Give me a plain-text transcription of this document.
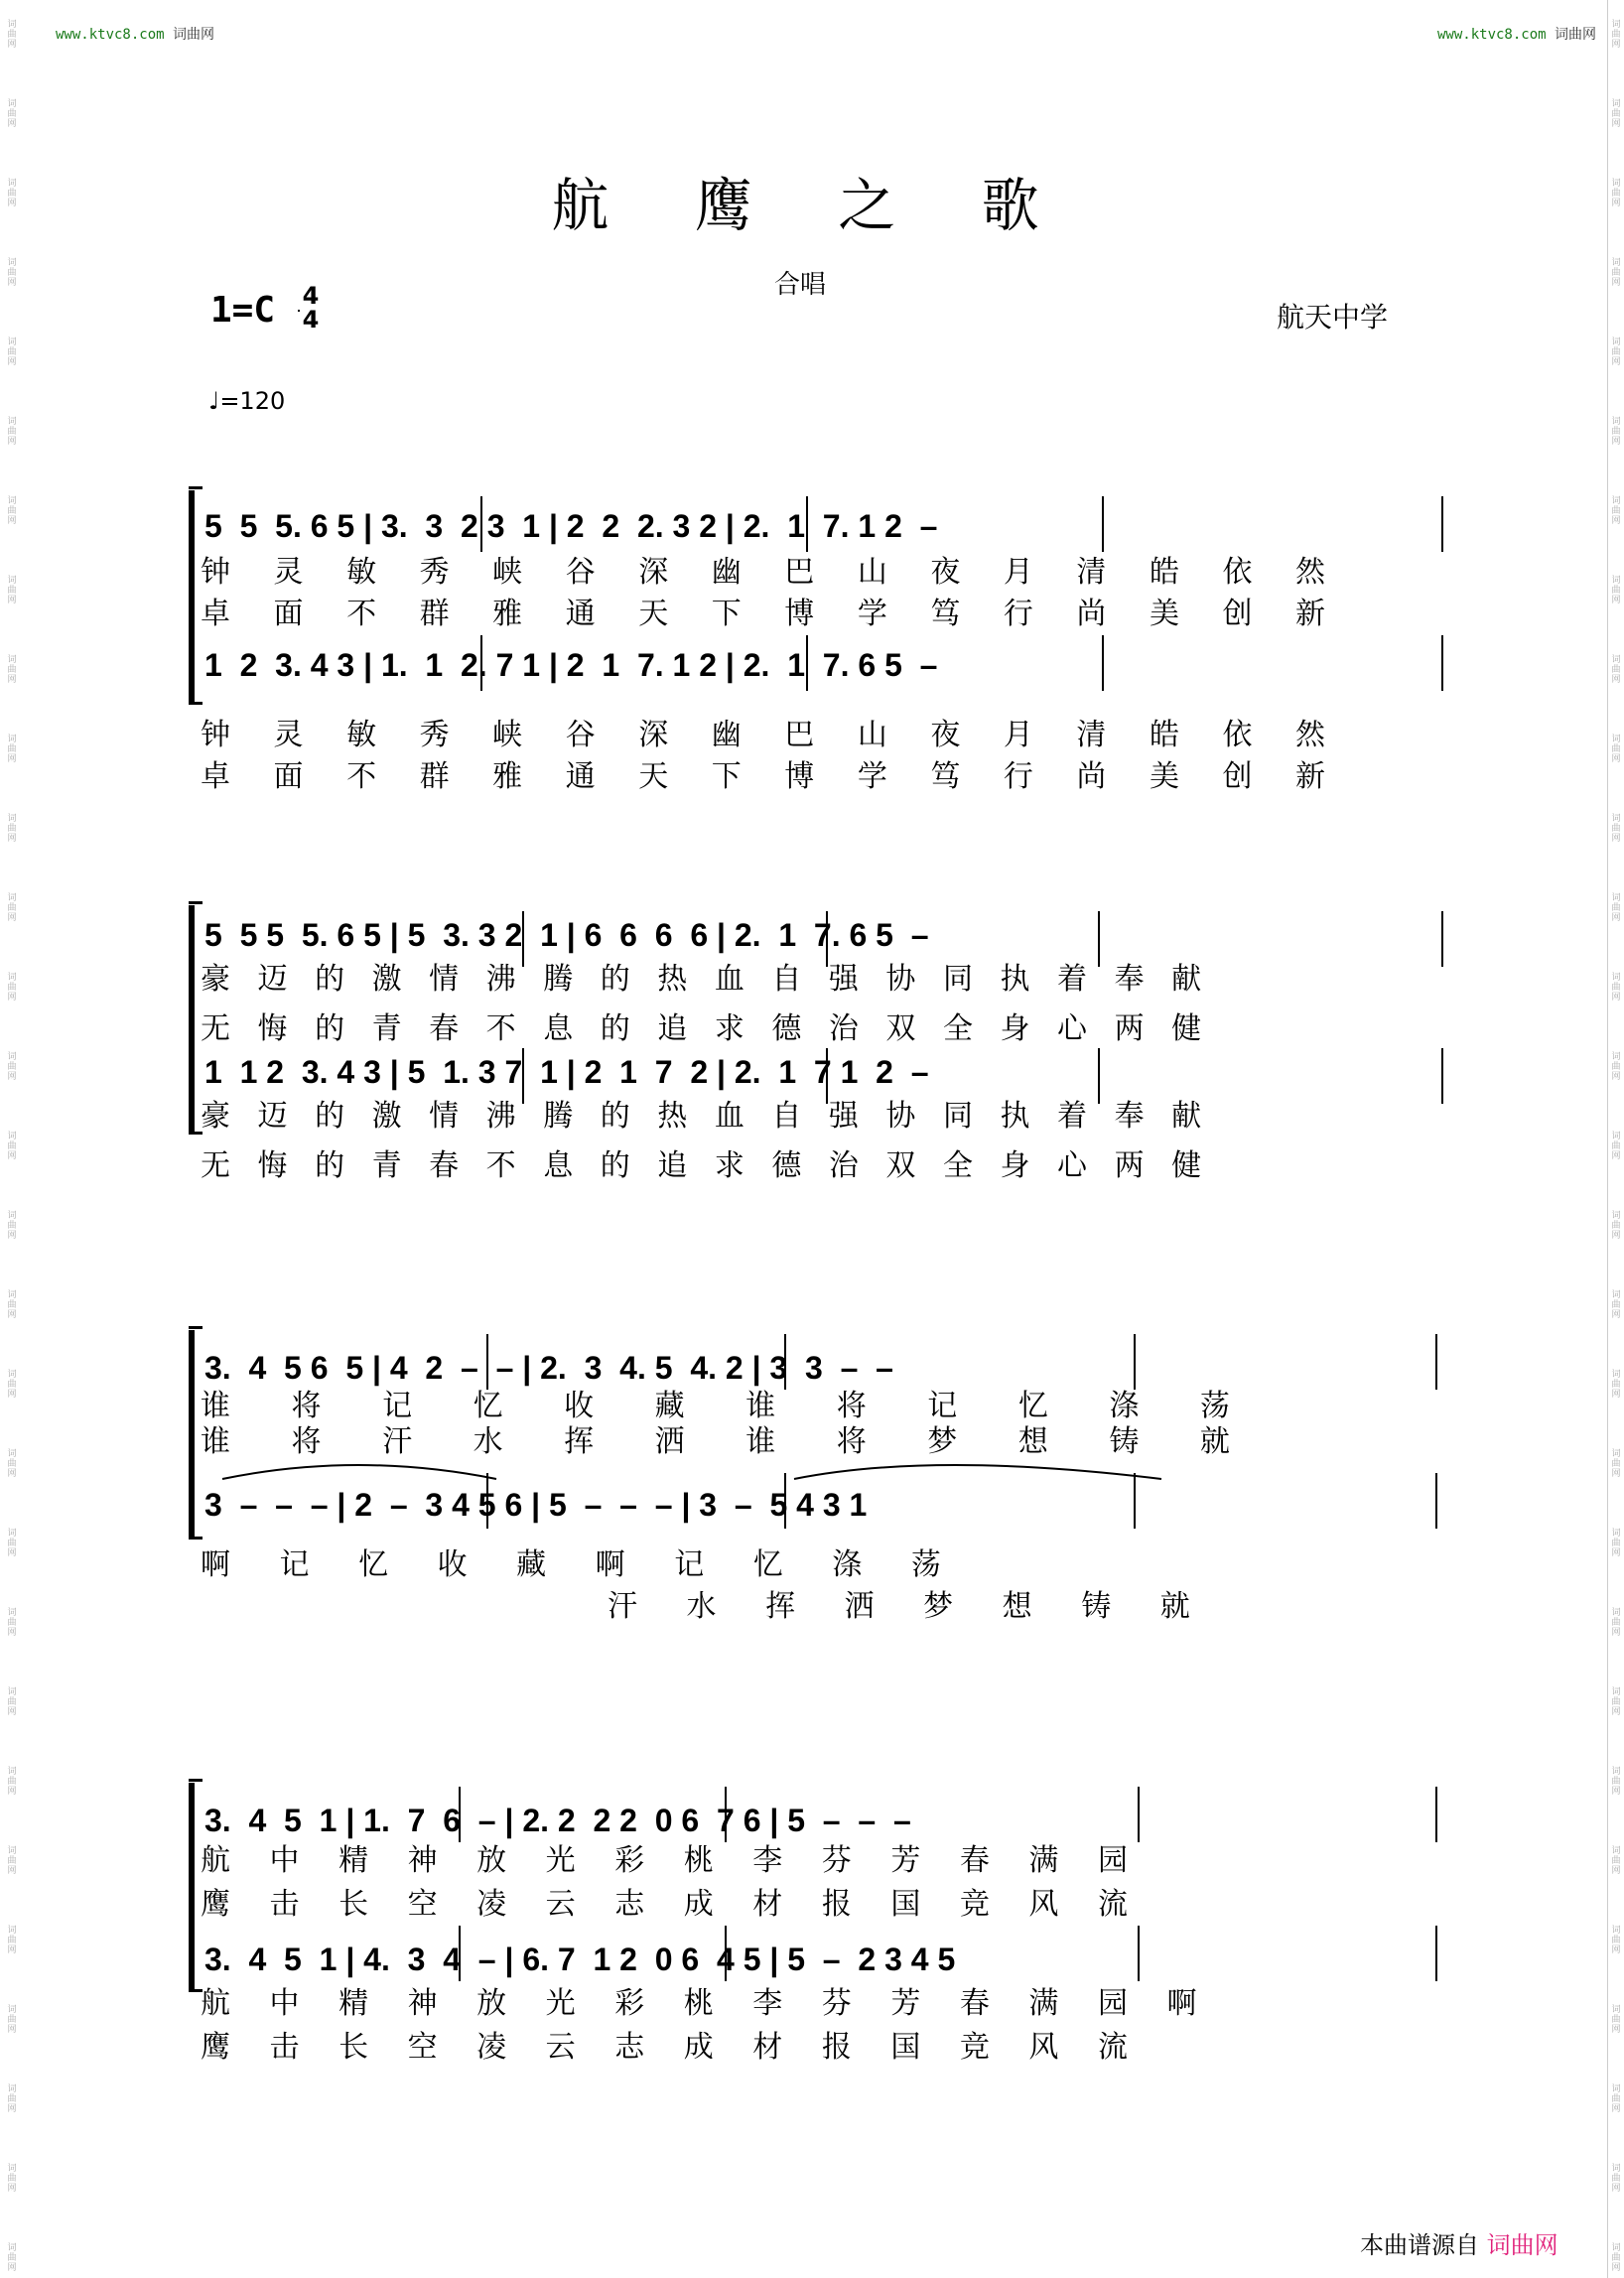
www.ktvc8.com 词曲网	www.ktvc8.com 词曲网
词
曲
网
词
曲
网
词
曲
网
词
曲
网
词
曲
网
词
曲
网
词
曲
网
词
曲
网
词
曲
网
词
曲
网
词
曲
网
词
曲
网
词
曲
网
词
曲
网
词
曲
网
词
曲
网
词
曲
网
词
曲
网
词
曲
网
词
曲
网
词
曲
网
词
曲
网
词
曲
网
词
曲
网
词
曲
网
词
曲
网
词
曲
网
词
曲
网
词
曲
网
词
曲
网
词
曲
网
词
曲
网
词
曲
网
词
曲
网
词
曲
网
词
曲
网
词
曲
网
词
曲
网
词
曲
网
词
曲
网
词
曲
网
词
曲
网
词
曲
网
词
曲
网
词
曲
网
词
曲
网
词
曲
网
词
曲
网
词
曲
网
词
曲
网
词
曲
网
词
曲
网
词
曲
网
词
曲
网
词
曲
网
词
曲
网
词
曲
网
词
曲
网
航 鹰 之 歌
合唱
1=C 4
4	航天中学
♩=120
5  5  5. 6 5 | 3.  3  2 3  1 | 2  2  2. 3 2 | 2.  1  7. 1 2  –
钟 灵 敏 秀 峡 谷 深 幽 巴 山 夜 月 清 皓 依 然
卓 面 不 群 雅 通 天 下 博 学 笃 行 尚 美 创 新
1  2  3. 4 3 | 1.  1  2. 7 1 | 2  1  7. 1 2 | 2.  1  7. 6 5  –
钟 灵 敏 秀 峡 谷 深 幽 巴 山 夜 月 清 皓 依 然
卓 面 不 群 雅 通 天 下 博 学 笃 行 尚 美 创 新
5  5 5  5. 6 5 | 5  3. 3 2  1 | 6  6  6  6 | 2.  1  7. 6 5  –
豪 迈 的 激 情 沸 腾 的 热 血 自 强 协 同 执 着 奉 献
无 悔 的 青 春 不 息 的 追 求 德 治 双 全 身 心 两 健
1  1 2  3. 4 3 | 5  1. 3 7  1 | 2  1  7  2 | 2.  1  7 1  2  –
豪 迈 的 激 情 沸 腾 的 热 血 自 强 协 同 执 着 奉 献
无 悔 的 青 春 不 息 的 追 求 德 治 双 全 身 心 两 健
3.  4  5 6  5 | 4  2  –  – | 2.  3  4. 5  4. 2 | 3  3  –  –
谁 将 记 忆 收 藏 谁 将 记 忆 涤 荡
谁 将 汗 水 挥 洒 谁 将 梦 想 铸 就
3  –  –  – | 2  –  3 4 5 6 | 5  –  –  – | 3  –  5 4 3 1
啊 记 忆 收 藏 啊 记 忆 涤 荡
汗 水 挥 洒 梦 想 铸 就
3.  4  5  1 | 1.  7  6  – | 2. 2  2 2  0 6  7 6 | 5  –  –  –
航 中 精 神 放 光 彩 桃 李 芬 芳 春 满 园
鹰 击 长 空 凌 云 志 成 材 报 国 竞 风 流
3.  4  5  1 | 4.  3  4  – | 6. 7  1 2  0 6  4 5 | 5  –  2 3 4 5
航 中 精 神 放 光 彩 桃 李 芬 芳 春 满 园 啊
鹰 击 长 空 凌 云 志 成 材 报 国 竞 风 流
本曲谱源自 词曲网
